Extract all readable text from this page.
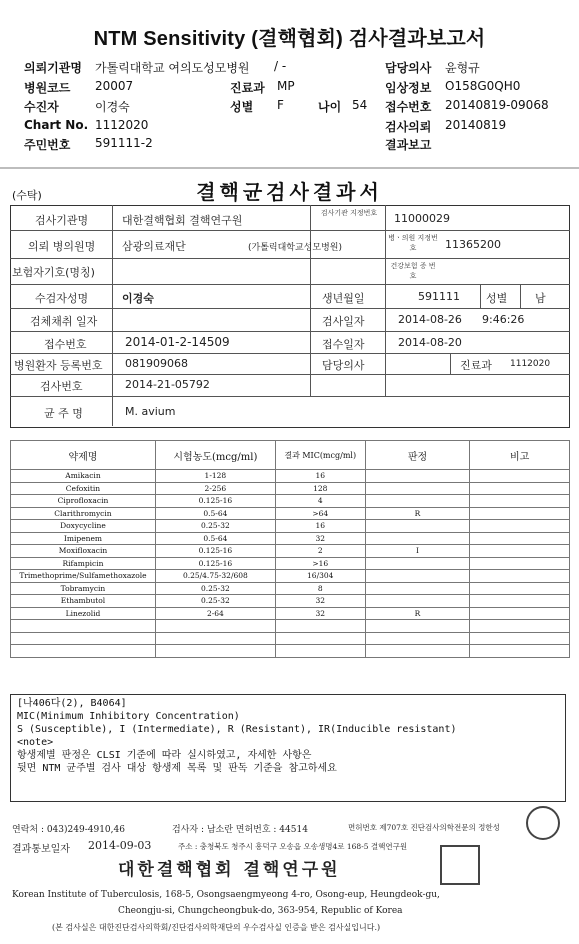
NTM Sensitivity (결핵협회) 검사결과보고서
의뢰기관명 가톨릭대학교 여의도성모병원 / -	담당의사 윤형규
병원코드 20007	진료과 MP	임상정보 O158G0QH0
수진자	이경숙	성별 F	나이 54 접수번호 20140819-09068
Chart No. 1112020	검사의뢰 20140819
주민번호 591111-2	결과보고
(수탁)	결핵균검사결과서
검사기관명	대한결핵협회 결핵연구원
검사기관 지정번호 11000029
의뢰 병의원명 삼광의료재단	(가톨릭대학교성모병원)
병ㆍ의원 지정번호	11365200
보험자기호(명칭)	건강보험 증 번 호
수검자성명	이경숙	생년월일	591111 성별	남
검체채취 일자	검사일자	2014-08-26 9:46:26
접수번호	2014-01-2-14509	접수일자	2014-08-20
병원환자 등록번호 081909068	담당의사	진료과 1112020
검사번호	2014-21-05792
균 주 명	M. avium
약제명	시험농도(mcg/ml)	결과 MIC(mcg/ml)	판정	비고
Amikacin	1-128	16		
Cefoxitin	2-256	128		
Ciprofloxacin	0.125-16	4		
Clarithromycin	0.5-64	>64	R	
Doxycycline	0.25-32	16		
Imipenem	0.5-64	32		
Moxifloxacin	0.125-16	2	I	
Rifampicin	0.125-16	>16		
Trimethoprime/Sulfamethoxazole	0.25/4.75-32/608	16/304		
Tobramycin	0.25-32	8		
Ethambutol	0.25-32	32		
Linezolid	2-64	32	R	

[나406다(2), B4064]
MIC(Minimum Inhibitory Concentration)
S (Susceptible), I (Intermediate), R (Resistant), IR(Inducible resistant)
<note>
항생제별 판정은 CLSI 기준에 따라 실시하였고, 자세한 사항은
뒷면 NTM 균주별 검사 대상 항생제 목록 및 판독 기준을 참고하세요
연락처 : 043)249-4910,46	검사자 : 남소란 면허번호 : 44514	면허번호 제707호 진단검사의학전문의 정한성
결과통보일자 2014-09-03	주소 : 충청북도 청주시 흥덕구 오송읍 오송생명4로 168-5 결핵연구원
대한결핵협회 결핵연구원
Korean Institute of Tuberculosis, 168-5, Osongsaengmyeong 4-ro, Osong-eup, Heungdeok-gu,
Cheongju-si, Chungcheongbuk-do, 363-954, Republic of Korea
(본 검사실은 대한진단검사의학회/진단검사의학재단의 우수검사실 인증을 받은 검사실입니다.)
